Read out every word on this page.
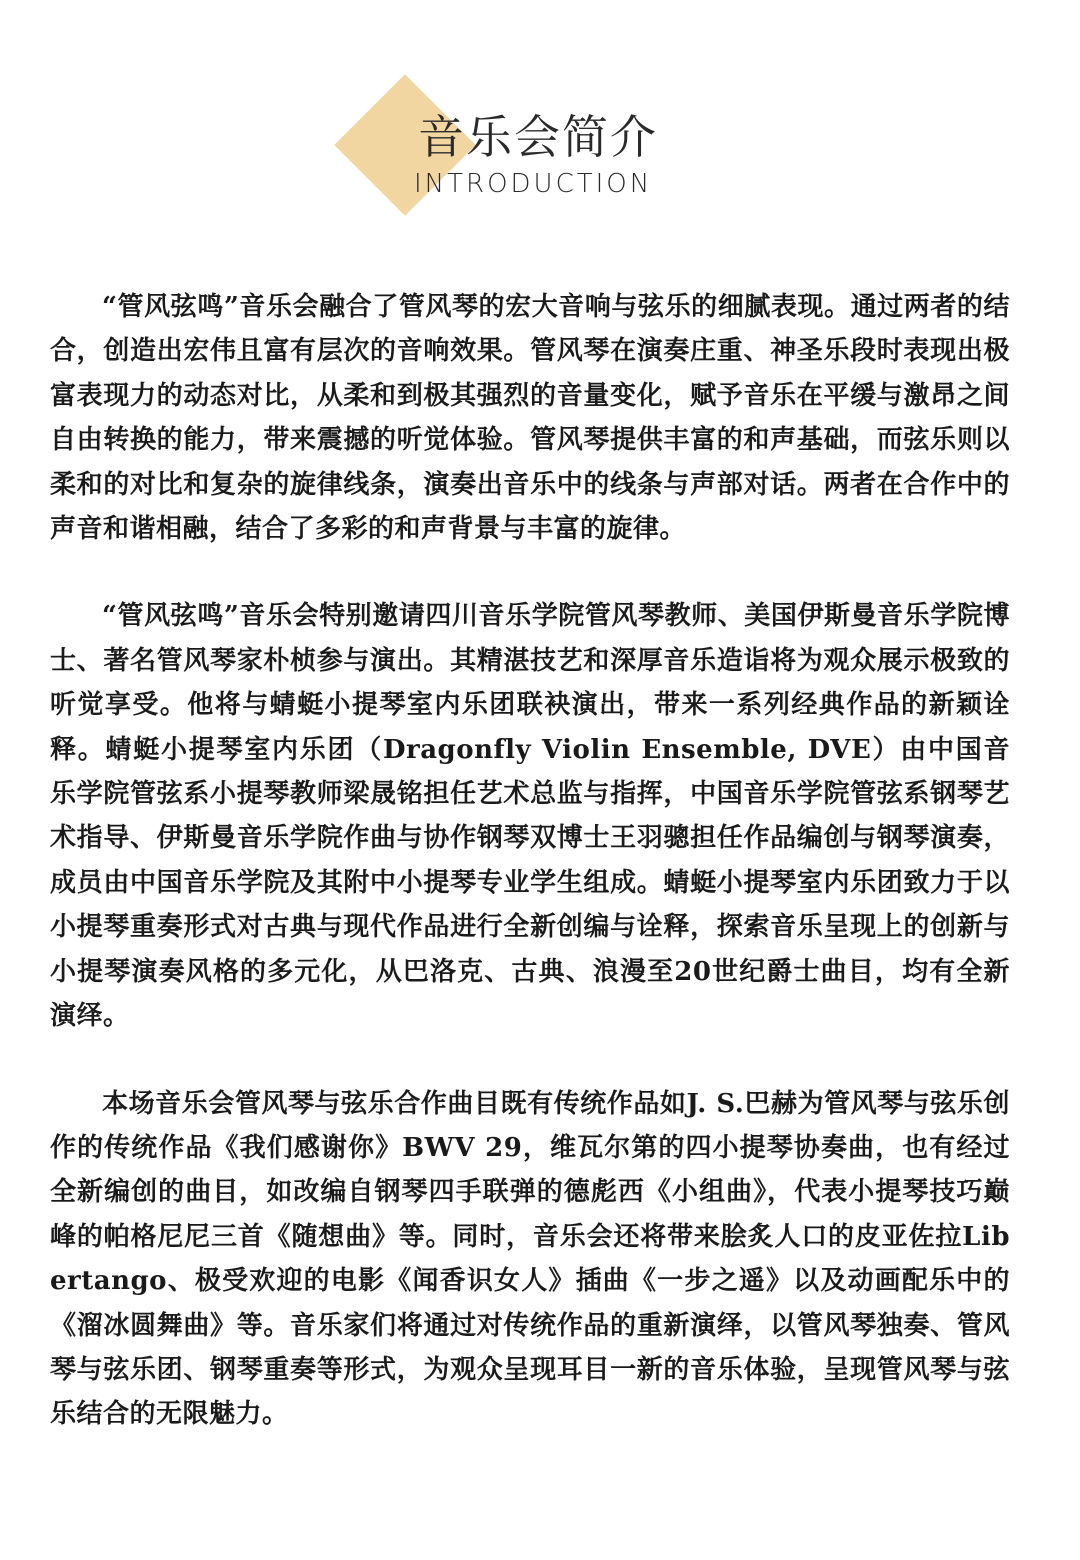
音乐会简介
INTRODUCTION

“管风弦鸣”音乐会融合了管风琴的宏大音响与弦乐的细腻表现。通过两者的结合，创造出宏伟且富有层次的音响效果。管风琴在演奏庄重、神圣乐段时表现出极富表现力的动态对比，从柔和到极其强烈的音量变化，赋予音乐在平缓与激昂之间自由转换的能力，带来震撼的听觉体验。管风琴提供丰富的和声基础，而弦乐则以柔和的对比和复杂的旋律线条，演奏出音乐中的线条与声部对话。两者在合作中的声音和谐相融，结合了多彩的和声背景与丰富的旋律。

“管风弦鸣”音乐会特别邀请四川音乐学院管风琴教师、美国伊斯曼音乐学院博士、著名管风琴家朴桢参与演出。其精湛技艺和深厚音乐造诣将为观众展示极致的听觉享受。他将与蜻蜓小提琴室内乐团联袂演出，带来一系列经典作品的新颖诠释。蜻蜓小提琴室内乐团（Dragonfly Violin Ensemble, DVE）由中国音乐学院管弦系小提琴教师梁晟铭担任艺术总监与指挥，中国音乐学院管弦系钢琴艺术指导、伊斯曼音乐学院作曲与协作钢琴双博士王羽骢担任作品编创与钢琴演奏，成员由中国音乐学院及其附中小提琴专业学生组成。蜻蜓小提琴室内乐团致力于以小提琴重奏形式对古典与现代作品进行全新创编与诠释，探索音乐呈现上的创新与小提琴演奏风格的多元化，从巴洛克、古典、浪漫至20世纪爵士曲目，均有全新演绎。

本场音乐会管风琴与弦乐合作曲目既有传统作品如J. S.巴赫为管风琴与弦乐创作的传统作品《我们感谢你》BWV 29，维瓦尔第的四小提琴协奏曲，也有经过全新编创的曲目，如改编自钢琴四手联弹的德彪西《小组曲》，代表小提琴技巧巅峰的帕格尼尼三首《随想曲》等。同时，音乐会还将带来脍炙人口的皮亚佐拉Libertango、极受欢迎的电影《闻香识女人》插曲《一步之遥》以及动画配乐中的《溜冰圆舞曲》等。音乐家们将通过对传统作品的重新演绎，以管风琴独奏、管风琴与弦乐团、钢琴重奏等形式，为观众呈现耳目一新的音乐体验，呈现管风琴与弦乐结合的无限魅力。
